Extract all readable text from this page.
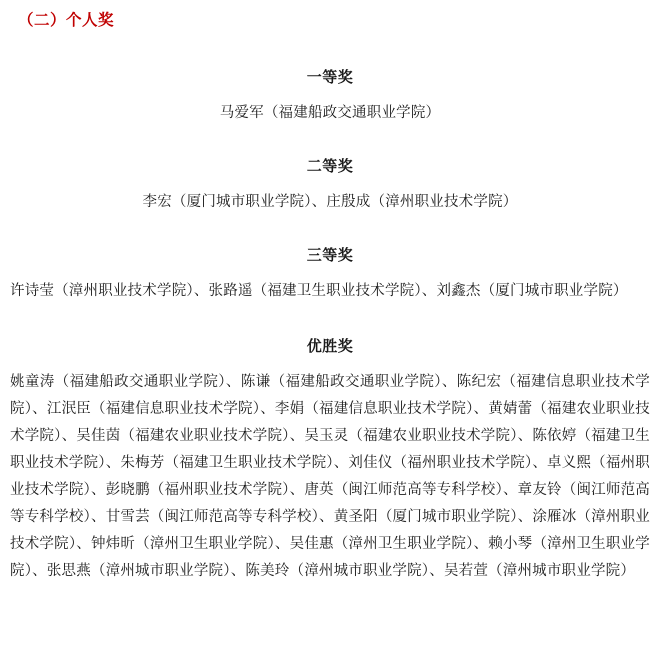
（二）个人奖
一等奖
马爱军（福建船政交通职业学院）
二等奖
李宏（厦门城市职业学院）、庄殷成（漳州职业技术学院）
三等奖
许诗莹（漳州职业技术学院）、张路遥（福建卫生职业技术学院）、刘鑫杰（厦门城市职业学院）
优胜奖
姚童涛（福建船政交通职业学院）、陈谦（福建船政交通职业学院）、陈纪宏（福建信息职业技术学院）、江泯臣（福建信息职业技术学院）、李娟（福建信息职业技术学院）、黄婧蕾（福建农业职业技术学院）、吴佳茵（福建农业职业技术学院）、吴玉灵（福建农业职业技术学院）、陈依婷（福建卫生职业技术学院）、朱梅芳（福建卫生职业技术学院）、刘佳仪（福州职业技术学院）、卓义熙（福州职业技术学院）、彭晓鹏（福州职业技术学院）、唐英（闽江师范高等专科学校）、章友铃（闽江师范高等专科学校）、甘雪芸（闽江师范高等专科学校）、黄圣阳（厦门城市职业学院）、涂雁冰（漳州职业技术学院）、钟炜昕（漳州卫生职业学院）、吴佳惠（漳州卫生职业学院）、赖小琴（漳州卫生职业学院）、张思燕（漳州城市职业学院）、陈美玲（漳州城市职业学院）、吴若萱（漳州城市职业学院）
